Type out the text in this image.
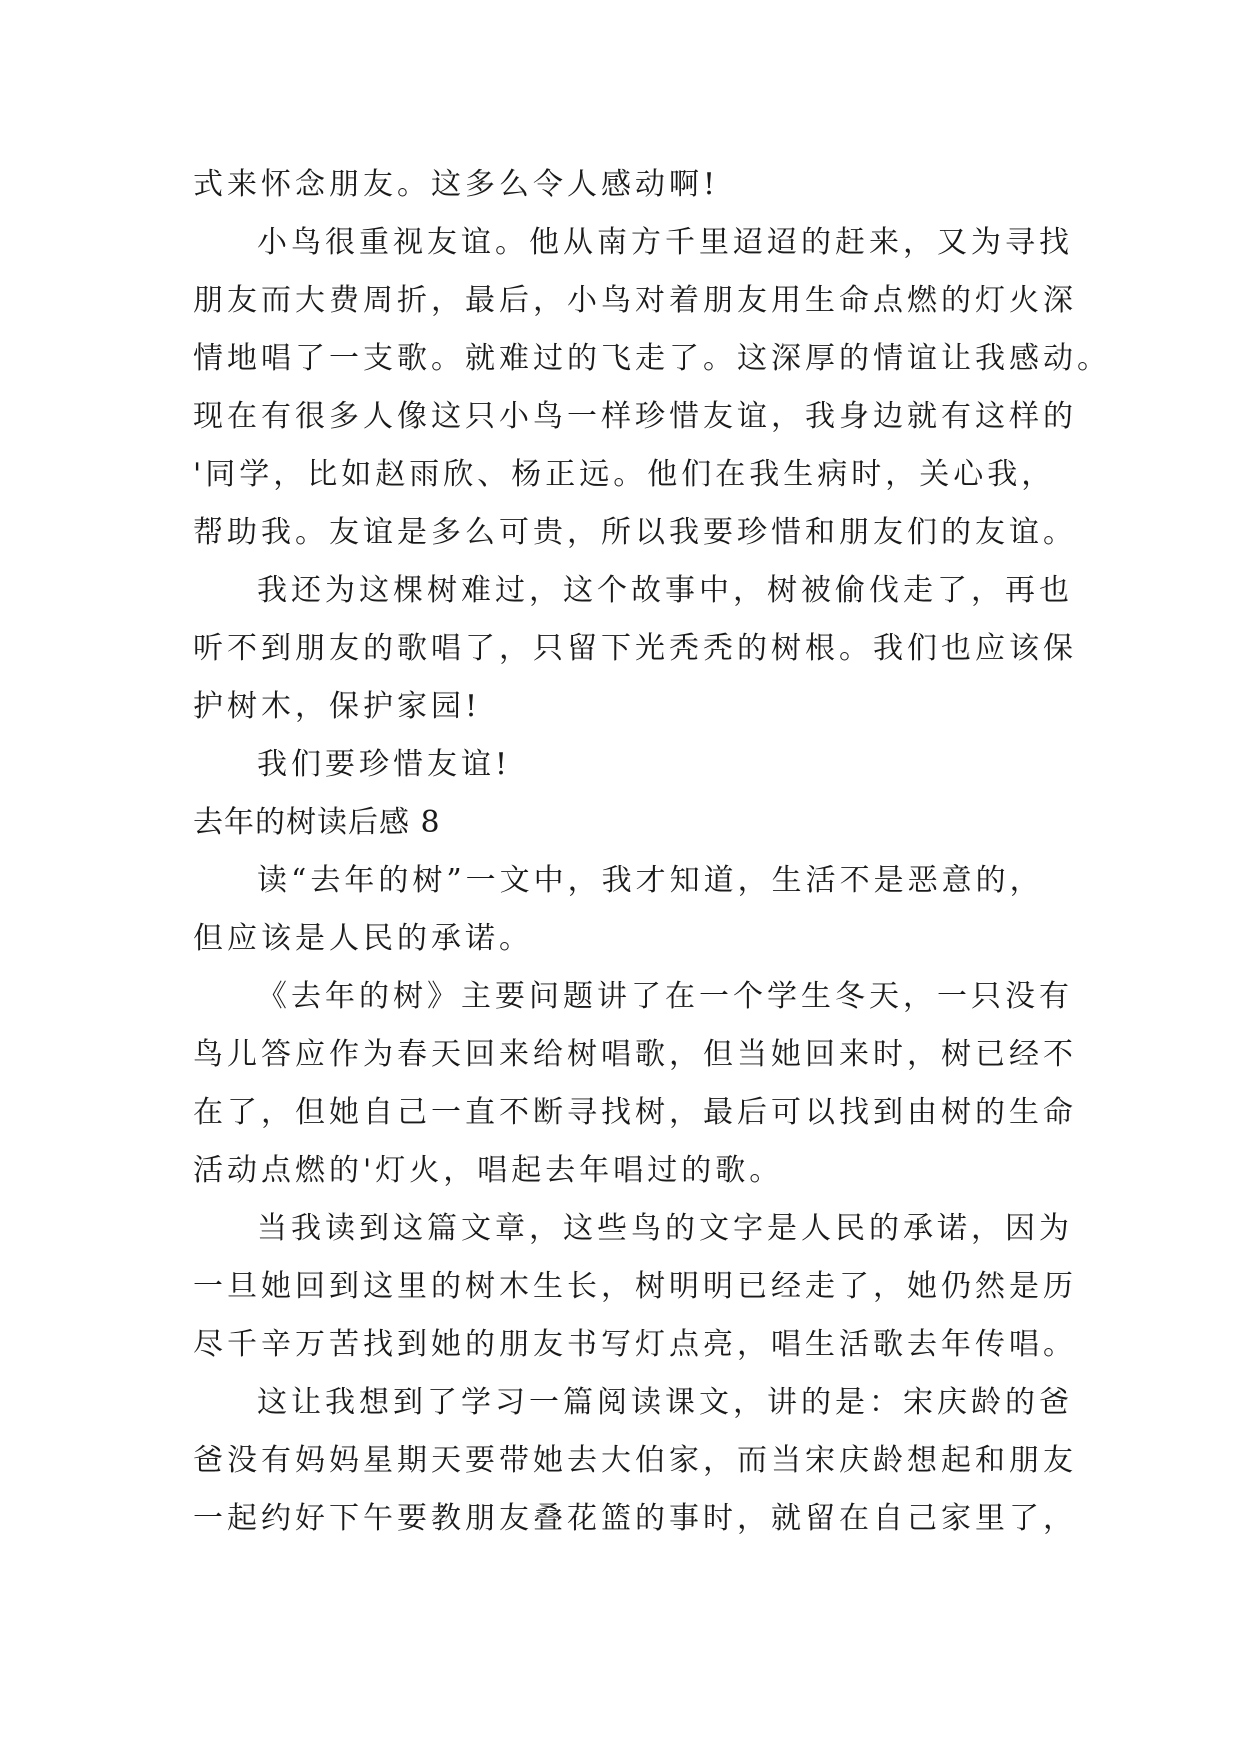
式来怀念朋友。这多么令人感动啊!
小鸟很重视友谊。他从南方千里迢迢的赶来，又为寻找
朋友而大费周折，最后，小鸟对着朋友用生命点燃的灯火深
情地唱了一支歌。就难过的飞走了。这深厚的情谊让我感动。
现在有很多人像这只小鸟一样珍惜友谊，我身边就有这样的
'同学，比如赵雨欣、杨正远。他们在我生病时，关心我，
帮助我。友谊是多么可贵，所以我要珍惜和朋友们的友谊。
我还为这棵树难过，这个故事中，树被偷伐走了，再也
听不到朋友的歌唱了，只留下光秃秃的树根。我们也应该保
护树木，保护家园!
我们要珍惜友谊!
去年的树读后感 8
读“去年的树”一文中，我才知道，生活不是恶意的，
但应该是人民的承诺。
《去年的树》主要问题讲了在一个学生冬天，一只没有
鸟儿答应作为春天回来给树唱歌，但当她回来时，树已经不
在了，但她自己一直不断寻找树，最后可以找到由树的生命
活动点燃的'灯火，唱起去年唱过的歌。
当我读到这篇文章，这些鸟的文字是人民的承诺，因为
一旦她回到这里的树木生长，树明明已经走了，她仍然是历
尽千辛万苦找到她的朋友书写灯点亮，唱生活歌去年传唱。
这让我想到了学习一篇阅读课文，讲的是：宋庆龄的爸
爸没有妈妈星期天要带她去大伯家，而当宋庆龄想起和朋友
一起约好下午要教朋友叠花篮的事时，就留在自己家里了，
